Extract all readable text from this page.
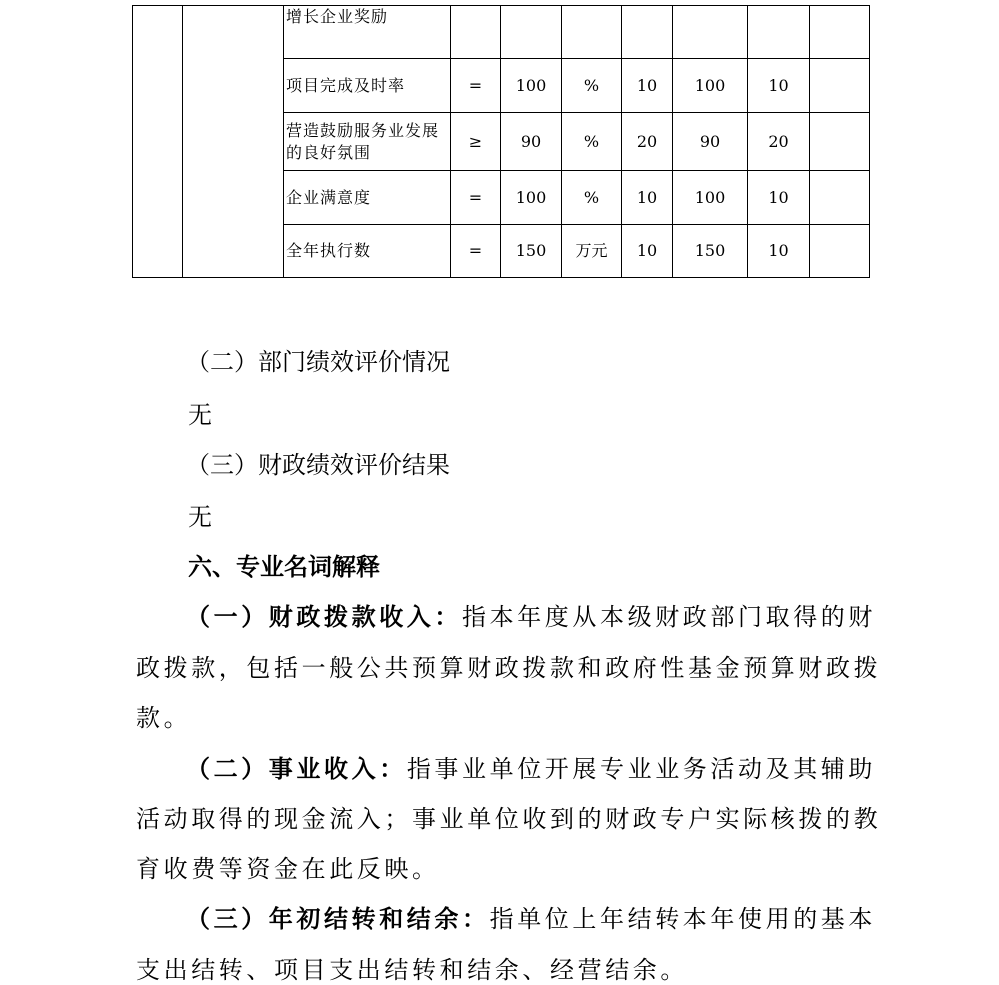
		增长企业奖励							
		项目完成及时率	=	100	%	10	100	10	
		营造鼓励服务业发展的良好氛围	≥	90	%	20	90	20	
		企业满意度	=	100	%	10	100	10	
		全年执行数	=	150	万元	10	150	10	
（二）部门绩效评价情况
无
（三）财政绩效评价结果
无
六、专业名词解释
（一）财政拨款收入：指本年度从本级财政部门取得的财
政拨款，包括一般公共预算财政拨款和政府性基金预算财政拨
款。
（二）事业收入：指事业单位开展专业业务活动及其辅助
活动取得的现金流入；事业单位收到的财政专户实际核拨的教
育收费等资金在此反映。
（三）年初结转和结余：指单位上年结转本年使用的基本
支出结转、项目支出结转和结余、经营结余。
